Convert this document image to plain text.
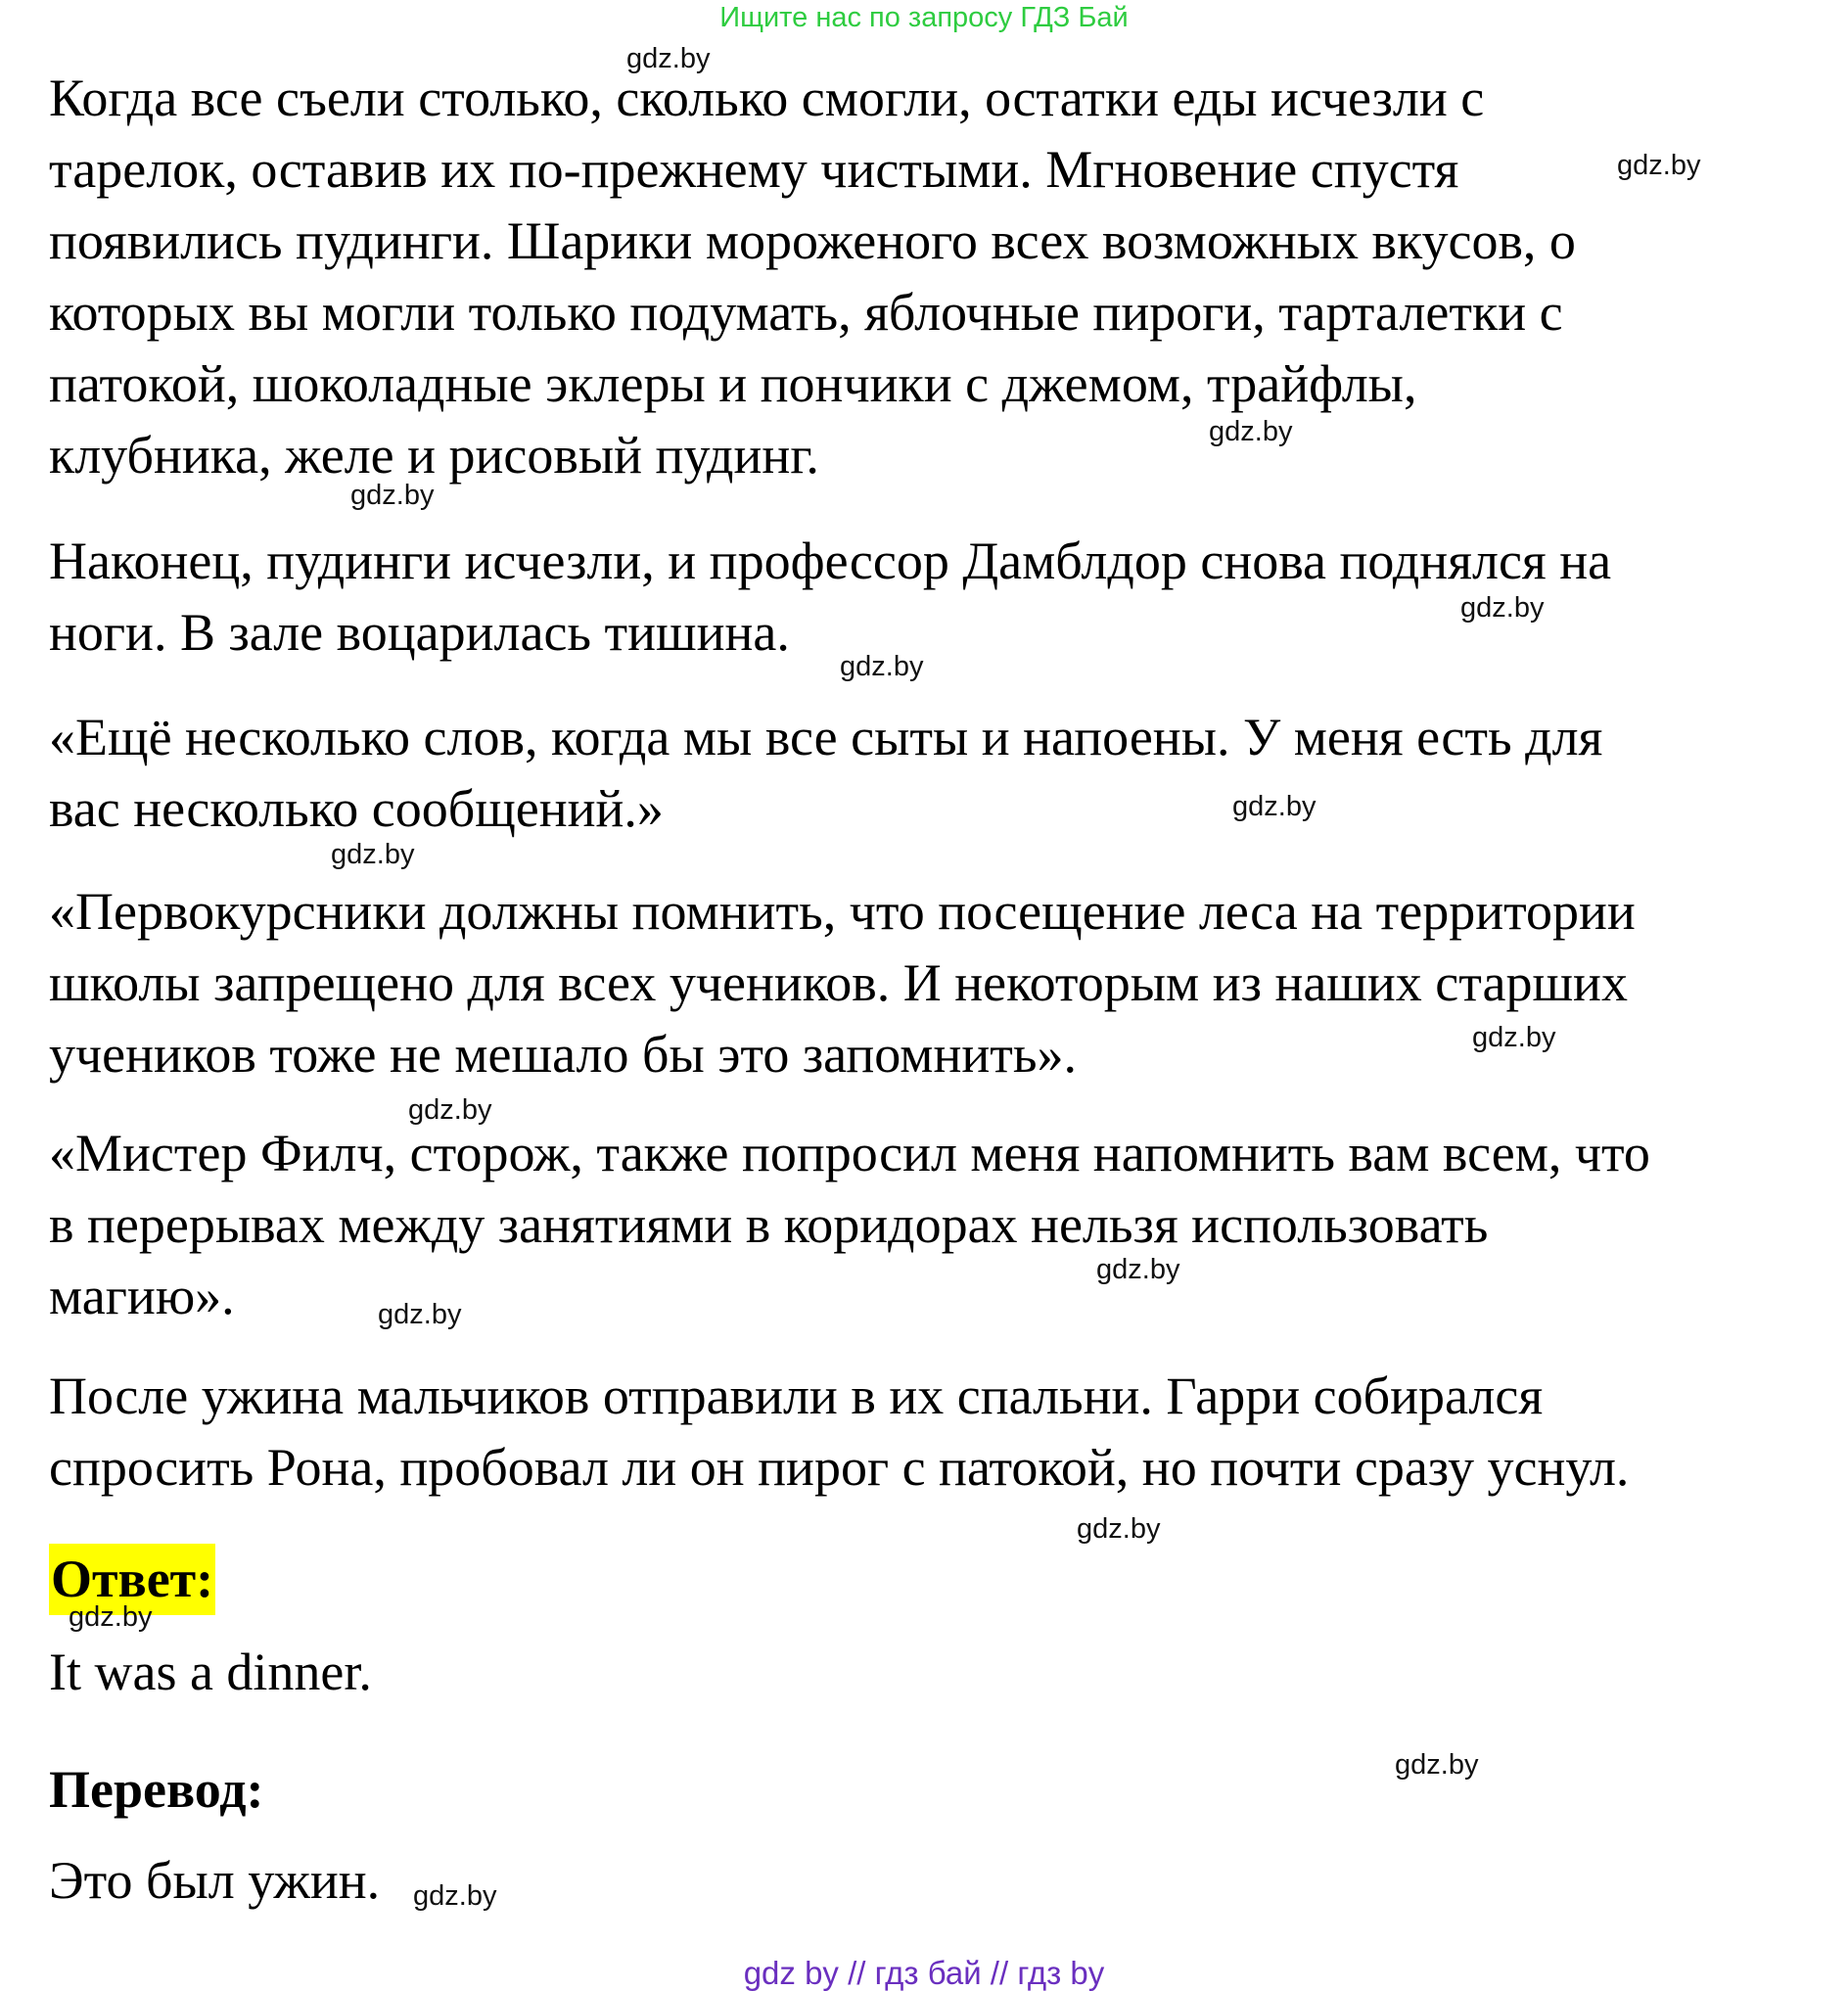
Ищите нас по запросу ГДЗ Бай
Когда все съели столько, сколько смогли, остатки еды исчезли с
тарелок, оставив их по-прежнему чистыми. Мгновение спустя
появились пудинги. Шарики мороженого всех возможных вкусов, о
которых вы могли только подумать, яблочные пироги, тарталетки с
патокой, шоколадные эклеры и пончики с джемом, трайфлы,
клубника, желе и рисовый пудинг.
Наконец, пудинги исчезли, и профессор Дамблдор снова поднялся на
ноги. В зале воцарилась тишина.
«Ещё несколько слов, когда мы все сыты и напоены. У меня есть для
вас несколько сообщений.»
«Первокурсники должны помнить, что посещение леса на территории
школы запрещено для всех учеников. И некоторым из наших старших
учеников тоже не мешало бы это запомнить».
«Мистер Филч, сторож, также попросил меня напомнить вам всем, что
в перерывах между занятиями в коридорах нельзя использовать
магию».
После ужина мальчиков отправили в их спальни. Гарри собирался
спросить Рона, пробовал ли он пирог с патокой, но почти сразу уснул.
Ответ:
It was a dinner.
Перевод:
Это был ужин.
gdz.by
gdz.by
gdz.by
gdz.by
gdz.by
gdz.by
gdz.by
gdz.by
gdz.by
gdz.by
gdz.by
gdz.by
gdz.by
gdz.by
gdz.by
gdz.by
gdz by // гдз бай // гдз by
